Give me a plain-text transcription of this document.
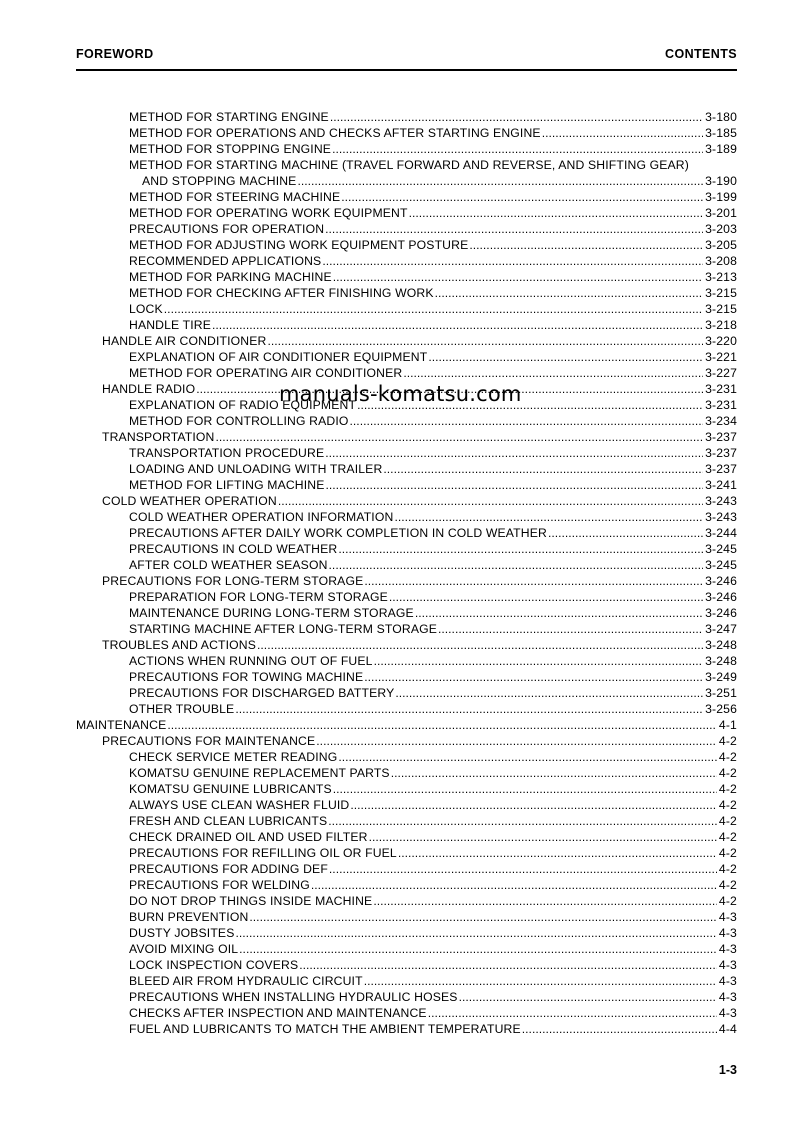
FOREWORD	CONTENTS
METHOD FOR STARTING ENGINE .....	3-180
METHOD FOR OPERATIONS AND CHECKS AFTER STARTING ENGINE .....	3-185
METHOD FOR STOPPING ENGINE .....	3-189
METHOD FOR STARTING MACHINE (TRAVEL FORWARD AND REVERSE, AND SHIFTING GEAR)
AND STOPPING MACHINE .....	3-190
METHOD FOR STEERING MACHINE .....	3-199
METHOD FOR OPERATING WORK EQUIPMENT .....	3-201
PRECAUTIONS FOR OPERATION .....	3-203
METHOD FOR ADJUSTING WORK EQUIPMENT POSTURE .....	3-205
RECOMMENDED APPLICATIONS .....	3-208
METHOD FOR PARKING MACHINE .....	3-213
METHOD FOR CHECKING AFTER FINISHING WORK .....	3-215
LOCK .....	3-215
HANDLE TIRE .....	3-218
HANDLE AIR CONDITIONER .....	3-220
EXPLANATION OF AIR CONDITIONER EQUIPMENT .....	3-221
METHOD FOR OPERATING AIR CONDITIONER .....	3-227
HANDLE RADIO .....	3-231
EXPLANATION OF RADIO EQUIPMENT .....	3-231
METHOD FOR CONTROLLING RADIO .....	3-234
TRANSPORTATION .....	3-237
TRANSPORTATION PROCEDURE .....	3-237
LOADING AND UNLOADING WITH TRAILER .....	3-237
METHOD FOR LIFTING MACHINE .....	3-241
COLD WEATHER OPERATION .....	3-243
COLD WEATHER OPERATION INFORMATION .....	3-243
PRECAUTIONS AFTER DAILY WORK COMPLETION IN COLD WEATHER .....	3-244
PRECAUTIONS IN COLD WEATHER .....	3-245
AFTER COLD WEATHER SEASON .....	3-245
PRECAUTIONS FOR LONG-TERM STORAGE .....	3-246
PREPARATION FOR LONG-TERM STORAGE .....	3-246
MAINTENANCE DURING LONG-TERM STORAGE .....	3-246
STARTING MACHINE AFTER LONG-TERM STORAGE .....	3-247
TROUBLES AND ACTIONS .....	3-248
ACTIONS WHEN RUNNING OUT OF FUEL .....	3-248
PRECAUTIONS FOR TOWING MACHINE .....	3-249
PRECAUTIONS FOR DISCHARGED BATTERY .....	3-251
OTHER TROUBLE .....	3-256
MAINTENANCE .....	4-1
PRECAUTIONS FOR MAINTENANCE .....	4-2
CHECK SERVICE METER READING .....	4-2
KOMATSU GENUINE REPLACEMENT PARTS .....	4-2
KOMATSU GENUINE LUBRICANTS .....	4-2
ALWAYS USE CLEAN WASHER FLUID .....	4-2
FRESH AND CLEAN LUBRICANTS .....	4-2
CHECK DRAINED OIL AND USED FILTER .....	4-2
PRECAUTIONS FOR REFILLING OIL OR FUEL .....	4-2
PRECAUTIONS FOR ADDING DEF .....	4-2
PRECAUTIONS FOR WELDING .....	4-2
DO NOT DROP THINGS INSIDE MACHINE .....	4-2
BURN PREVENTION .....	4-3
DUSTY JOBSITES .....	4-3
AVOID MIXING OIL .....	4-3
LOCK INSPECTION COVERS .....	4-3
BLEED AIR FROM HYDRAULIC CIRCUIT .....	4-3
PRECAUTIONS WHEN INSTALLING HYDRAULIC HOSES .....	4-3
CHECKS AFTER INSPECTION AND MAINTENANCE .....	4-3
FUEL AND LUBRICANTS TO MATCH THE AMBIENT TEMPERATURE .....	4-4
manuals-komatsu.com
1-3
